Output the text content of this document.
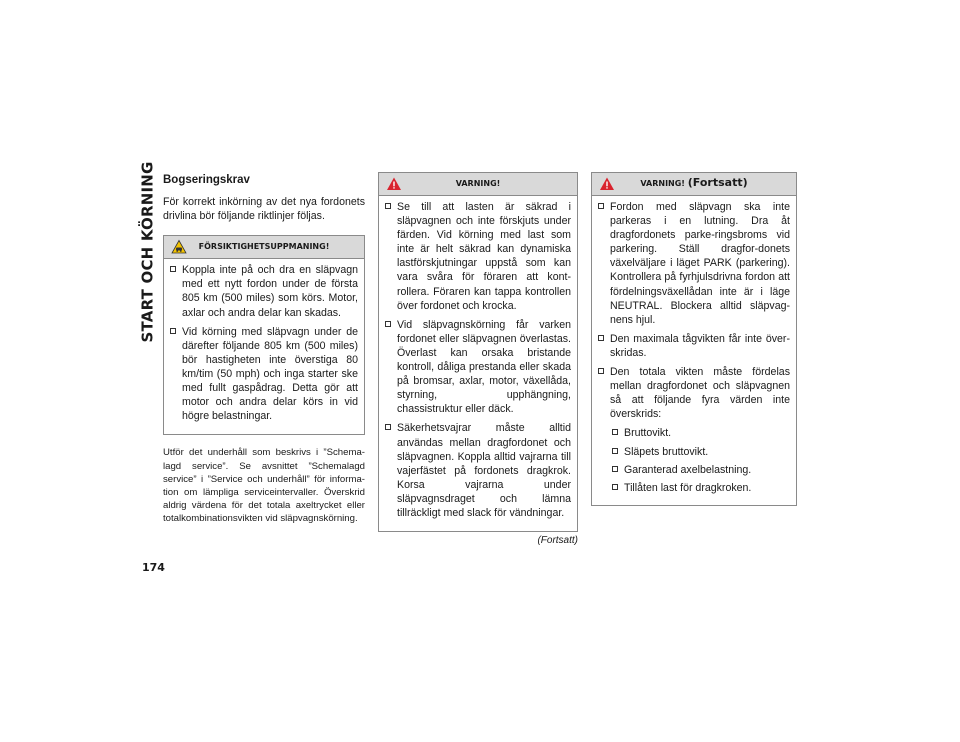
START OCH KÖRNING
174
Bogseringskrav

För korrekt inkörning av det nya fordonets drivlina bör följande riktlinjer följas.

FÖRSIKTIGHETSUPPMANING!
Koppla inte på och dra en släpvagn med ett nytt fordon under de första 805 km (500 miles) som körs. Motor, axlar och andra delar kan skadas.
Vid körning med släpvagn under de därefter följande 805 km (500 miles) bör hastigheten inte överstiga 80 km/tim (50 mph) och inga starter ske med fullt gaspådrag. Detta gör att motor och andra delar körs in vid högre belastningar.

Utför det underhåll som beskrivs i ”Schema-lagd service”. Se avsnittet ”Schemalagd service” i ”Service och underhåll” för informa-tion om lämpliga serviceintervaller. Överskrid aldrig värdena för det totala axeltrycket eller totalkombinationsvikten vid släpvagnskörning.

VARNING!
Se till att lasten är säkrad i släpvagnen och inte förskjuts under färden. Vid körning med last som inte är helt säkrad kan dynamiska lastförskjutningar uppstå som kan vara svåra för föraren att kont-rollera. Föraren kan tappa kontrollen över fordonet och krocka.
Vid släpvagnskörning får varken fordonet eller släpvagnen överlastas. Överlast kan orsaka bristande kontroll, dåliga prestanda eller skada på bromsar, axlar, motor, växellåda, styrning, upphängning, chassistruktur eller däck.
Säkerhetsvajrar måste alltid användas mellan dragfordonet och släpvagnen. Koppla alltid vajrarna till vajerfästet på fordonets dragkrok. Korsa vajrarna under släpvagnsdraget och lämna tillräckligt med slack för vändningar.
(Fortsatt)
VARNING! (Fortsatt)
Fordon med släpvagn ska inte parkeras i en lutning. Dra åt dragfordonets parke-ringsbroms vid parkering. Ställ dragfor-donets växelväljare i läget PARK (parkering). Kontrollera på fyrhjulsdrivna fordon att fördelningsväxellådan inte är i läge NEUTRAL. Blockera alltid släpvag-nens hjul.
Den maximala tågvikten får inte över-skridas.
Den totala vikten måste fördelas mellan dragfordonet och släpvagnen så att följande fyra värden inte överskrids:
Bruttovikt.
Släpets bruttovikt.
Garanterad axelbelastning.
Tillåten last för dragkroken.
